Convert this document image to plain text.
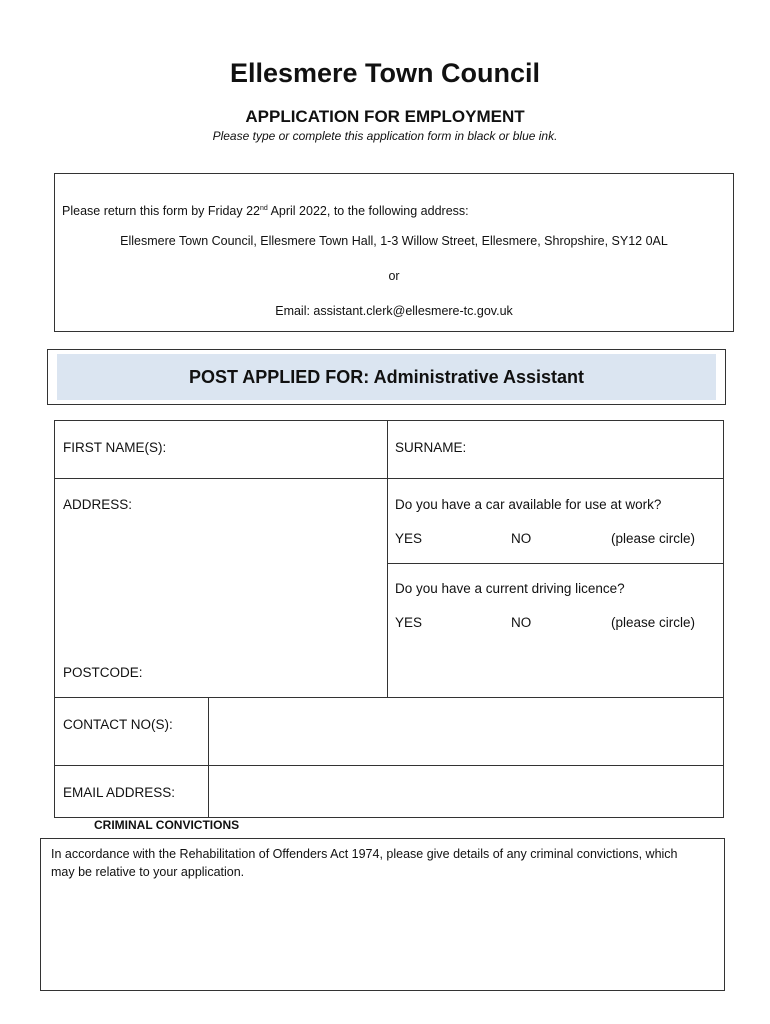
Ellesmere Town Council
APPLICATION FOR EMPLOYMENT
Please type or complete this application form in black or blue ink.
Please return this form by Friday 22nd April 2022, to the following address:
Ellesmere Town Council, Ellesmere Town Hall, 1-3 Willow Street, Ellesmere, Shropshire, SY12 0AL
or
Email: assistant.clerk@ellesmere-tc.gov.uk
POST APPLIED FOR: Administrative Assistant
FIRST NAME(S):	SURNAME:
ADDRESS:
POSTCODE:
Do you have a car available for use at work?
YES	NO	(please circle)
Do you have a current driving licence?
YES	NO	(please circle)
CONTACT NO(S):
EMAIL ADDRESS:
CRIMINAL CONVICTIONS
In accordance with the Rehabilitation of Offenders Act 1974, please give details of any criminal convictions, which may be relative to your application.
